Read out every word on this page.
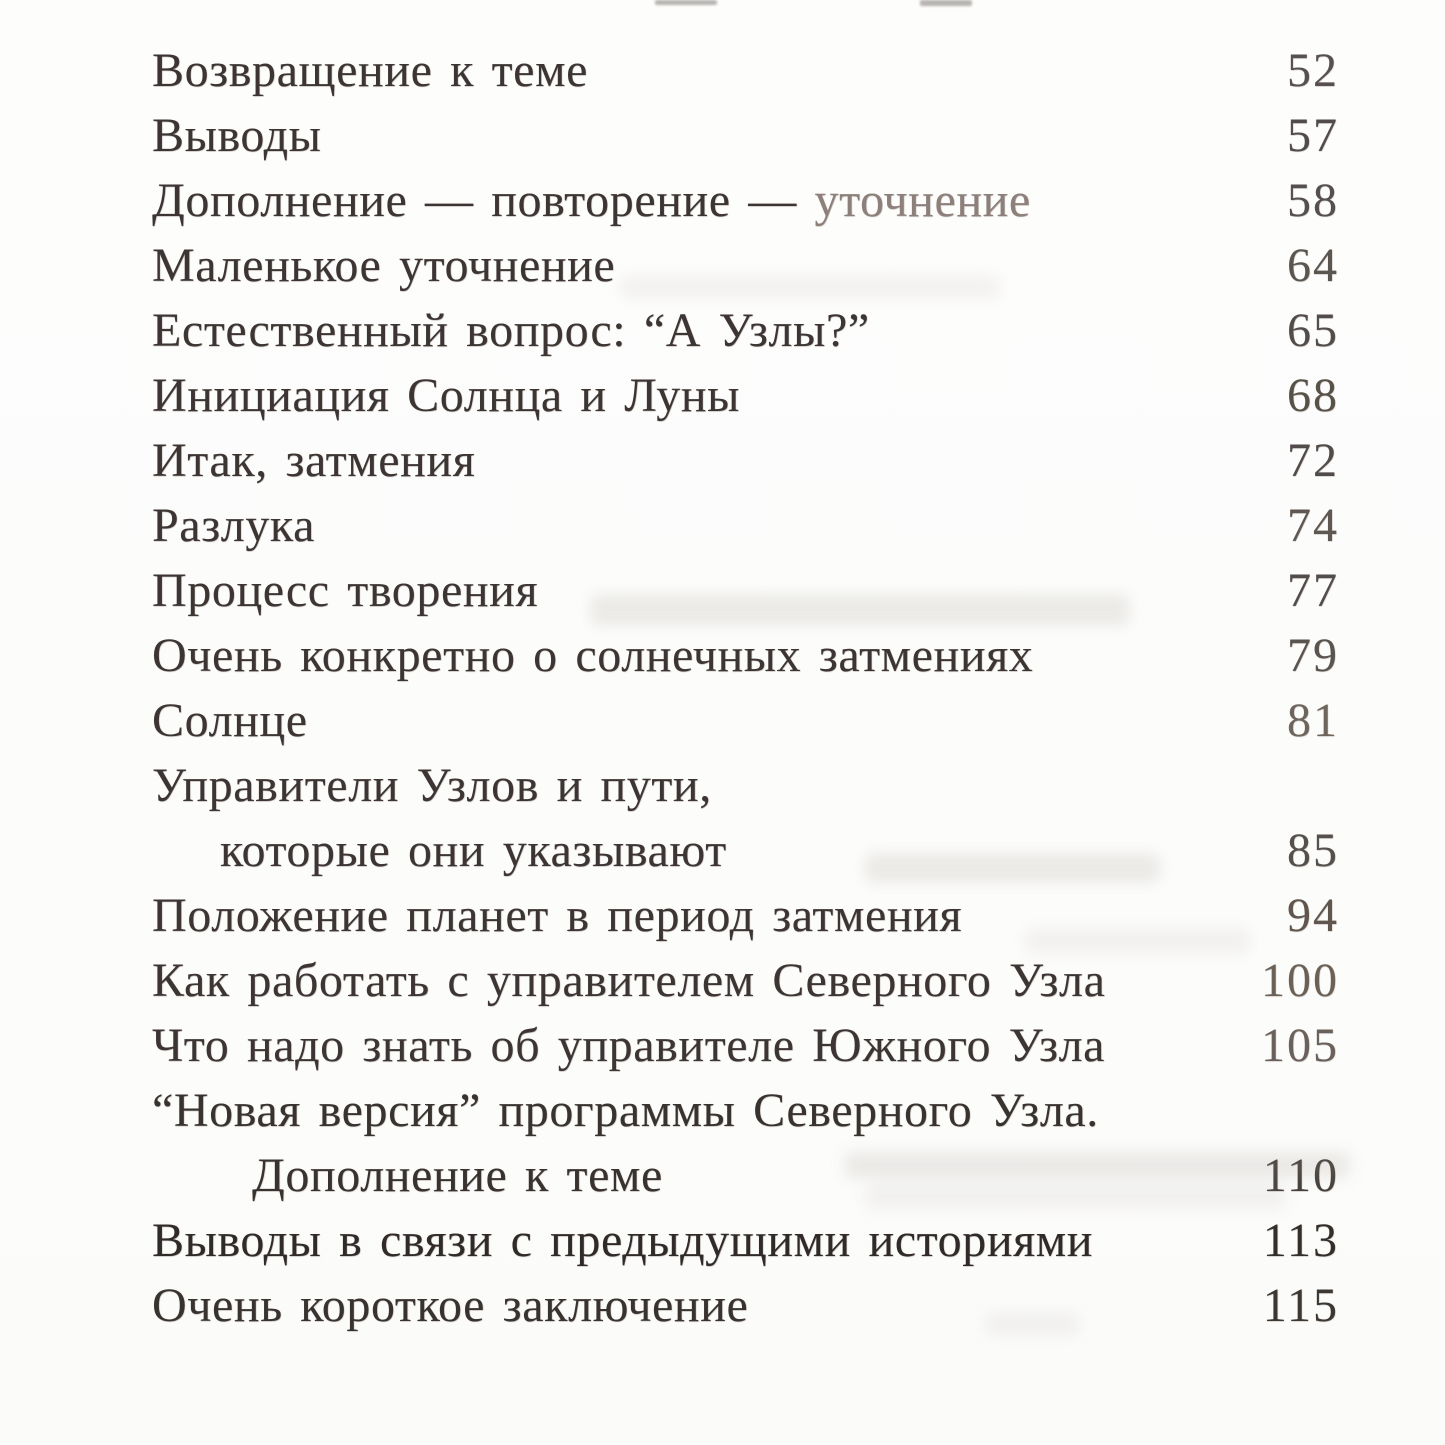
Возвращение к теме	52
Выводы	57
Дополнение — повторение — уточнение	58
Маленькое уточнение	64
Естественный вопрос: “А Узлы?”	65
Инициация Солнца и Луны	68
Итак, затмения	72
Разлука	74
Процесс творения	77
Очень конкретно о солнечных затмениях	79
Солнце	81
Управители Узлов и пути,
которые они указывают	85
Положение планет в период затмения	94
Как работать с управителем Северного Узла	100
Что надо знать об управителе Южного Узла	105
“Новая версия” программы Северного Узла.
Дополнение к теме	110
Выводы в связи с предыдущими историями	113
Очень короткое заключение	115
